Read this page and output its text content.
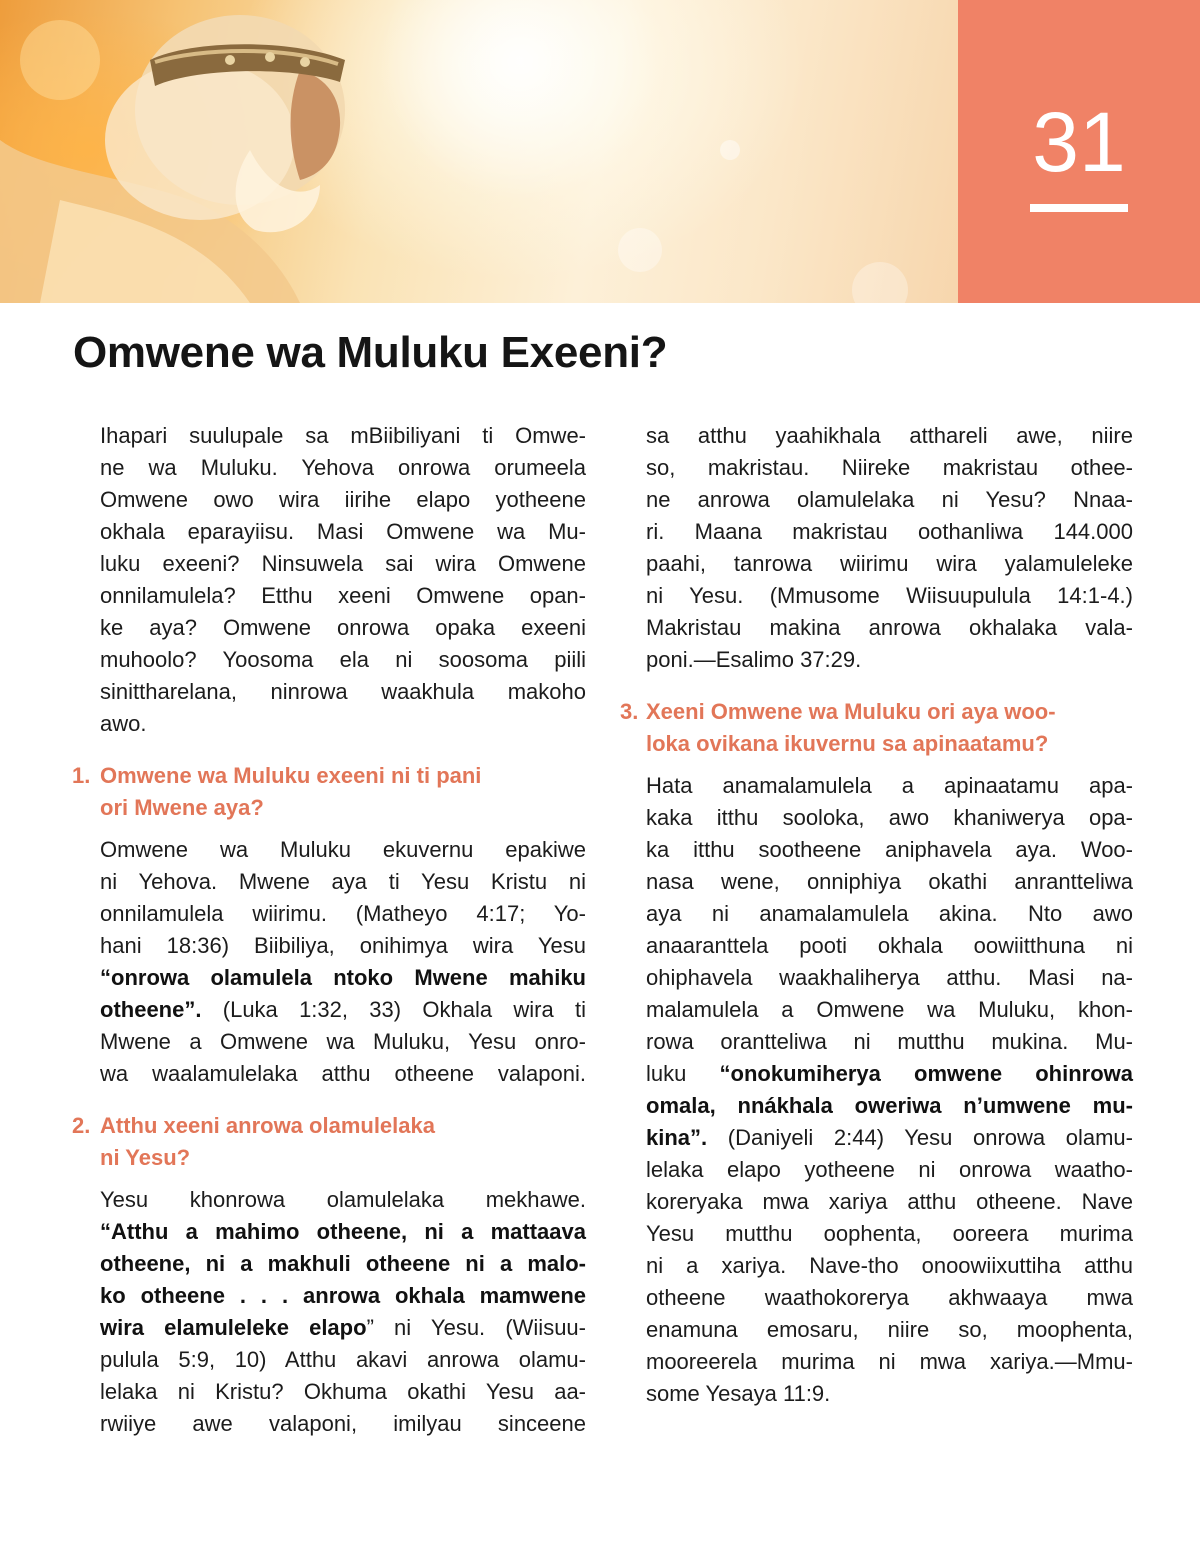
31
Omwene wa Muluku Exeeni?

Ihapari suulupale sa mBiibiliyani ti Omwe-
ne wa Muluku. Yehova onrowa orumeela
Omwene owo wira iirihe elapo yotheene
okhala eparayiisu. Masi Omwene wa Mu-
luku exeeni? Ninsuwela sai wira Omwene
onnilamulela? Etthu xeeni Omwene opan-
ke aya? Omwene onrowa opaka exeeni
muhoolo? Yoosoma ela ni soosoma piili
sinittharelana, ninrowa waakhula makoho
awo.

1. Omwene wa Muluku exeeni ni ti pani
ori Mwene aya?

Omwene wa Muluku ekuvernu epakiwe
ni Yehova. Mwene aya ti Yesu Kristu ni
onnilamulela wiirimu. (Matheyo 4:17; Yo-
hani 18:36) Biibiliya, onihimya wira Yesu
“onrowa olamulela ntoko Mwene mahiku
otheene”. (Luka 1:32, 33) Okhala wira ti
Mwene a Omwene wa Muluku, Yesu onro-
wa waalamulelaka atthu otheene valaponi.

2. Atthu xeeni anrowa olamulelaka
ni Yesu?

Yesu khonrowa olamulelaka mekhawe.
“Atthu a mahimo otheene, ni a mattaava
otheene, ni a makhuli otheene ni a malo-
ko otheene . . . anrowa okhala mamwene
wira elamuleleke elapo” ni Yesu. (Wiisuu-
pulula 5:9, 10) Atthu akavi anrowa olamu-
lelaka ni Kristu? Okhuma okathi Yesu aa-
rwiiye awe valaponi, imilyau sinceene

sa atthu yaahikhala atthareli awe, niire
so, makristau. Niireke makristau othee-
ne anrowa olamulelaka ni Yesu? Nnaa-
ri. Maana makristau oothanliwa 144.000
paahi, tanrowa wiirimu wira yalamuleleke
ni Yesu. (Mmusome Wiisuupulula 14:1-4.)
Makristau makina anrowa okhalaka vala-
poni.—Esalimo 37:29.

3. Xeeni Omwene wa Muluku ori aya woo-
loka ovikana ikuvernu sa apinaatamu?

Hata anamalamulela a apinaatamu apa-
kaka itthu sooloka, awo khaniwerya opa-
ka itthu sootheene aniphavela aya. Woo-
nasa wene, onniphiya okathi anrantteliwa
aya ni anamalamulela akina. Nto awo
anaaranttela pooti okhala oowiitthuna ni
ohiphavela waakhaliherya atthu. Masi na-
malamulela a Omwene wa Muluku, khon-
rowa orantteliwa ni mutthu mukina. Mu-
luku “onokumiherya omwene ohinrowa
omala, nnákhala oweriwa n’umwene mu-
kina”. (Daniyeli 2:44) Yesu onrowa olamu-
lelaka elapo yotheene ni onrowa waatho-
koreryaka mwa xariya atthu otheene. Nave
Yesu mutthu oophenta, ooreera murima
ni a xariya. Nave-tho onoowiixuttiha atthu
otheene waathokorerya akhwaaya mwa
enamuna emosaru, niire so, moophenta,
mooreerela murima ni mwa xariya.—Mmu-
some Yesaya 11:9.
